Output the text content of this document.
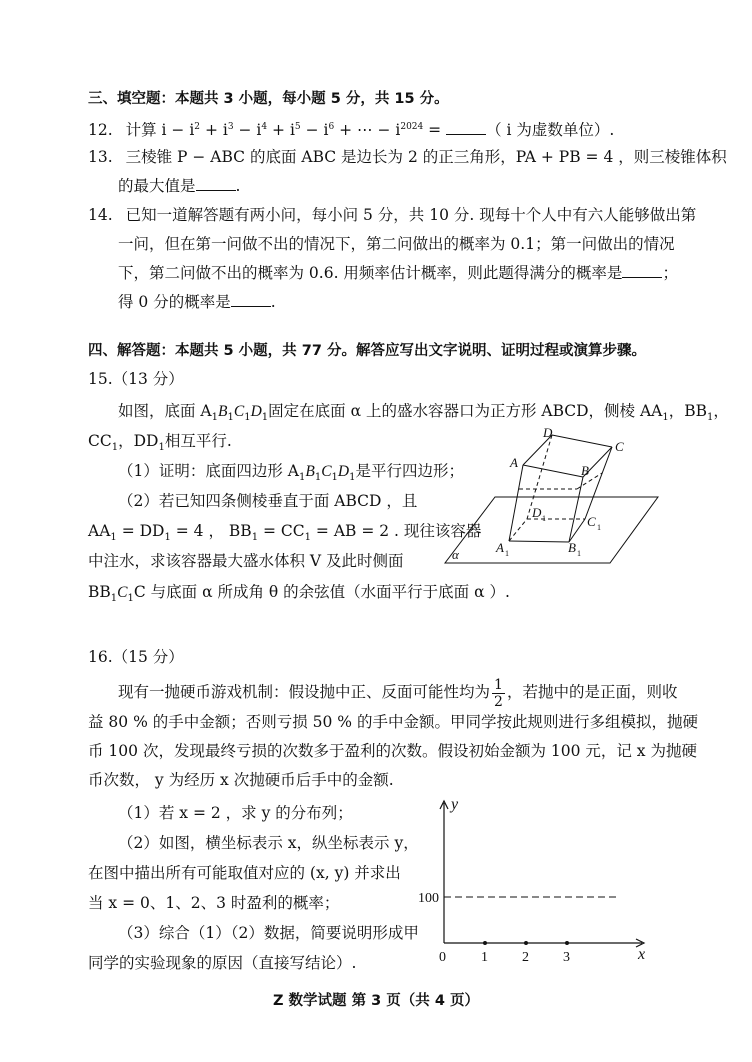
三、填空题：本题共 3 小题，每小题 5 分，共 15 分。
12. 计算 $i - i^2 + i^3 - i^4 + i^5 - i^6$ + ⋯ − $i^{2024}$ =	（ i 为虚数单位）.
13. 三棱锥 P − ABC 的底面 ABC 是边长为 2 的正三角形，PA + PB = 4 ，则三棱锥体积
的最大值是	.
14. 已知一道解答题有两小问，每小问 5 分，共 10 分. 现每十个人中有六人能够做出第
一问，但在第一问做不出的情况下，第二问做出的概率为 0.1；第一问做出的情况
下，第二问做不出的概率为 0.6. 用频率估计概率，则此题得满分的概率是	；
得 0 分的概率是	.
四、解答题：本题共 5 小题，共 77 分。解答应写出文字说明、证明过程或演算步骤。
15.（13 分）
如图，底面 $A_1B_1C_1D_1$固定在底面 α 上的盛水容器口为正方形 ABCD，侧棱 $AA_1$，$BB_1$，
$CC_1$，$DD_1$相互平行.
（1）证明：底面四边形 $A_1B_1C_1D_1$是平行四边形；
（2）若已知四条侧棱垂直于面 ABCD ，且
$AA_1 = DD_1 = 4$ ， $BB_1 = CC_1$ = AB = 2 . 现往该容器
中注水，求该容器最大盛水体积 V 及此时侧面
$BB_1C_1C$ 与底面 α 所成角 θ 的余弦值（水面平行于底面 α ）.
D
A
B
C
D 1	C 1
A 1	B 1
α
16.（15 分）
现有一抛硬币游戏机制：假设抛中正、反面可能性均为 $\frac{1}{2}$ ，若抛中的是正面，则收
益 80 % 的手中金额；否则亏损 50 % 的手中金额。甲同学按此规则进行多组模拟，抛硬
币 100 次，发现最终亏损的次数多于盈利的次数。假设初始金额为 100 元，记 x 为抛硬
币次数， y 为经历 x 次抛硬币后手中的金额.
（1）若 x = 2 ，求 y 的分布列；
（2）如图，横坐标表示 x，纵坐标表示 y，
在图中描出所有可能取值对应的 (x, y) 并求出
当 x = 0、1、2、3 时盈利的概率；
（3）综合（1）（2）数据，简要说明形成甲
同学的实验现象的原因（直接写结论）.
y
x
100
0	1 2 3
Z 数学试题 第 3 页（共 4 页）
